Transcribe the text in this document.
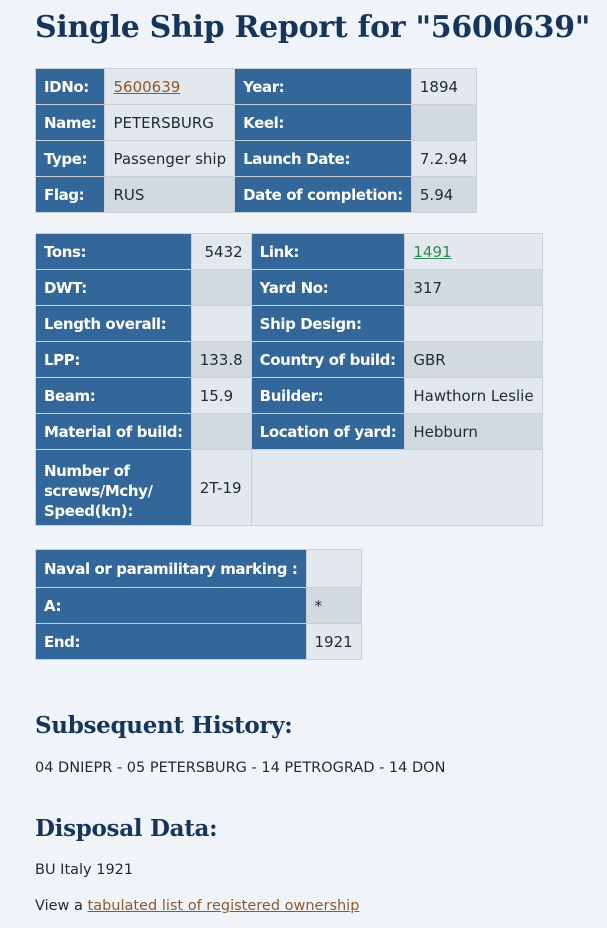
Single Ship Report for "5600639"
IDNo:	5600639	Year:	1894
Name:	PETERSBURG	Keel:	
Type:	Passenger ship	Launch Date:	7.2.94
Flag:	RUS	Date of completion:	5.94
Tons:	5432	Link:	1491
DWT:		Yard No:	317
Length overall:		Ship Design:	
LPP:	133.8	Country of build:	GBR
Beam:	15.9	Builder:	Hawthorn Leslie
Material of build:		Location of yard:	Hebburn
Number of
screws/Mchy/
Speed(kn):	2T-19		
Naval or paramilitary marking :	
A:	*
End:	1921
Subsequent History:

04 DNIEPR - 05 PETERSBURG - 14 PETROGRAD - 14 DON

Disposal Data:

BU Italy 1921

View a tabulated list of registered ownership
